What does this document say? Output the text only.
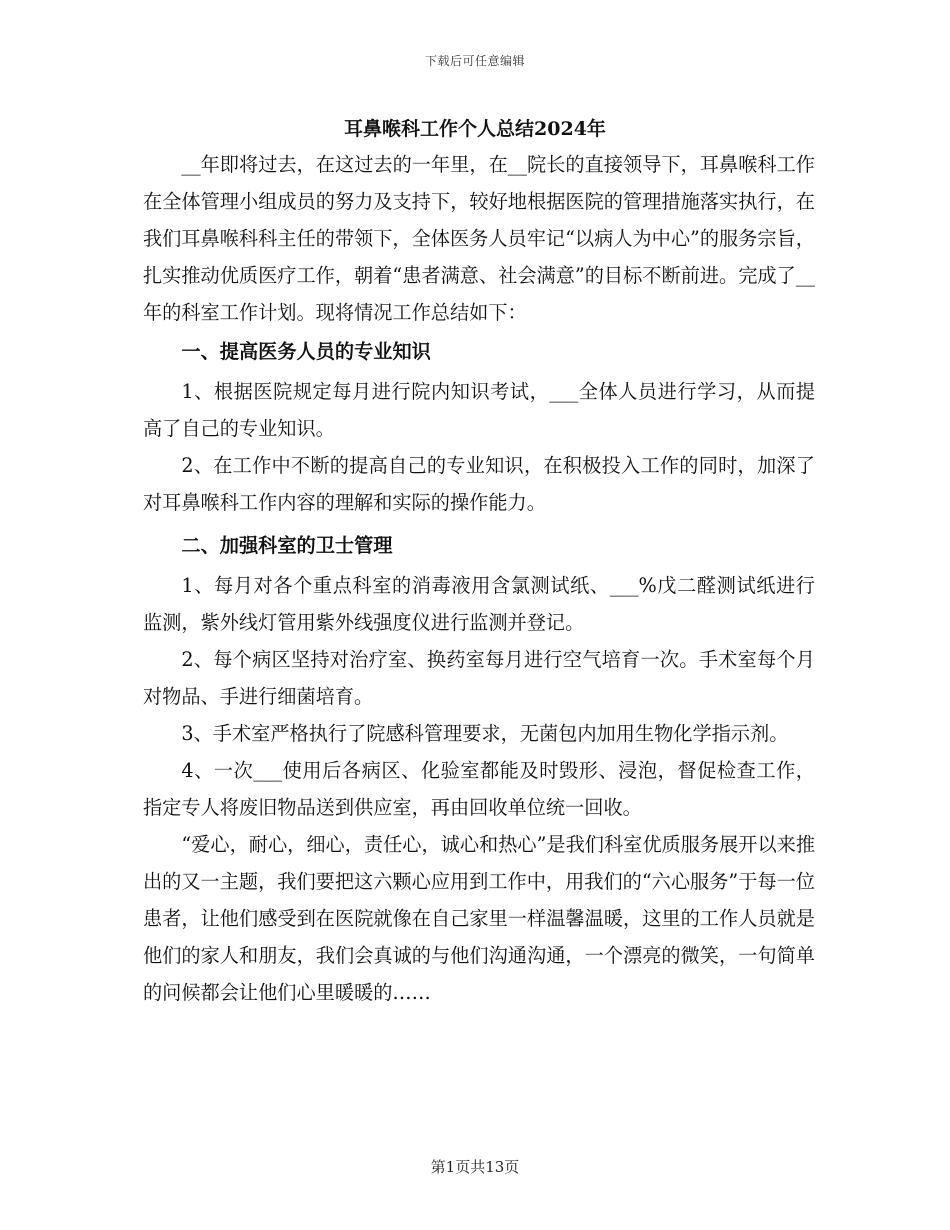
下载后可任意编辑
耳鼻喉科工作个人总结2024年

__年即将过去，在这过去的一年里，在__院长的直接领导下，耳鼻喉科工作在全体管理小组成员的努力及支持下，较好地根据医院的管理措施落实执行，在我们耳鼻喉科科主任的带领下，全体医务人员牢记“以病人为中心”的服务宗旨，扎实推动优质医疗工作，朝着“患者满意、社会满意”的目标不断前进。完成了__年的科室工作计划。现将情况工作总结如下：

一、提高医务人员的专业知识

1、根据医院规定每月进行院内知识考试，___全体人员进行学习，从而提高了自己的专业知识。

2、在工作中不断的提高自己的专业知识，在积极投入工作的同时，加深了对耳鼻喉科工作内容的理解和实际的操作能力。

二、加强科室的卫士管理

1、每月对各个重点科室的消毒液用含氯测试纸、___%戊二醛测试纸进行监测，紫外线灯管用紫外线强度仪进行监测并登记。

2、每个病区坚持对治疗室、换药室每月进行空气培育一次。手术室每个月对物品、手进行细菌培育。

3、手术室严格执行了院感科管理要求，无菌包内加用生物化学指示剂。

4、一次___使用后各病区、化验室都能及时毁形、浸泡，督促检查工作，指定专人将废旧物品送到供应室，再由回收单位统一回收。

“爱心，耐心，细心，责任心，诚心和热心”是我们科室优质服务展开以来推出的又一主题，我们要把这六颗心应用到工作中，用我们的“六心服务”于每一位患者，让他们感受到在医院就像在自己家里一样温馨温暖，这里的工作人员就是他们的家人和朋友，我们会真诚的与他们沟通沟通，一个漂亮的微笑，一句简单的问候都会让他们心里暖暖的……

第1页共13页
